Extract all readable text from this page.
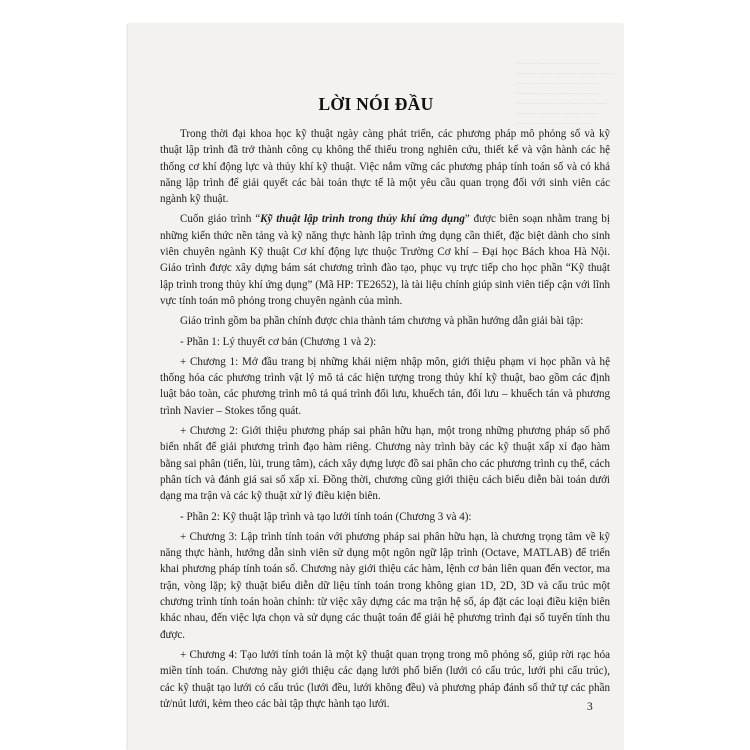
​——— ——— ——— ——
——— —— ——— ——— ——
—— ——— ——— ———
——— —— ——— ———
—— ——— —— ——— ——
——— ——— ——— ——
—— ——— ——— ——
LỜI NÓI ĐẦU

Trong thời đại khoa học kỹ thuật ngày càng phát triển, các phương pháp mô phỏng số và kỹ thuật lập trình đã trở thành công cụ không thể thiếu trong nghiên cứu, thiết kế và vận hành các hệ thống cơ khí động lực và thủy khí kỹ thuật. Việc nắm vững các phương pháp tính toán số và có khả năng lập trình để giải quyết các bài toán thực tế là một yêu cầu quan trọng đối với sinh viên các ngành kỹ thuật.

Cuốn giáo trình “Kỹ thuật lập trình trong thủy khí ứng dụng” được biên soạn nhằm trang bị những kiến thức nền tảng và kỹ năng thực hành lập trình ứng dụng cần thiết, đặc biệt dành cho sinh viên chuyên ngành Kỹ thuật Cơ khí động lực thuộc Trường Cơ khí – Đại học Bách khoa Hà Nội. Giáo trình được xây dựng bám sát chương trình đào tạo, phục vụ trực tiếp cho học phần “Kỹ thuật lập trình trong thủy khí ứng dụng” (Mã HP: TE2652), là tài liệu chính giúp sinh viên tiếp cận với lĩnh vực tính toán mô phỏng trong chuyên ngành của mình.

Giáo trình gồm ba phần chính được chia thành tám chương và phần hướng dẫn giải bài tập:

- Phần 1: Lý thuyết cơ bản (Chương 1 và 2):

+ Chương 1: Mở đầu trang bị những khái niệm nhập môn, giới thiệu phạm vi học phần và hệ thống hóa các phương trình vật lý mô tả các hiện tượng trong thủy khí kỹ thuật, bao gồm các định luật bảo toàn, các phương trình mô tả quá trình đối lưu, khuếch tán, đối lưu – khuếch tán và phương trình Navier – Stokes tổng quát.

+ Chương 2: Giới thiệu phương pháp sai phân hữu hạn, một trong những phương pháp số phổ biến nhất để giải phương trình đạo hàm riêng. Chương này trình bày các kỹ thuật xấp xỉ đạo hàm bằng sai phân (tiến, lùi, trung tâm), cách xây dựng lược đồ sai phân cho các phương trình cụ thể, cách phân tích và đánh giá sai số xấp xỉ. Đồng thời, chương cũng giới thiệu cách biểu diễn bài toán dưới dạng ma trận và các kỹ thuật xử lý điều kiện biên.

- Phần 2: Kỹ thuật lập trình và tạo lưới tính toán (Chương 3 và 4):

+ Chương 3: Lập trình tính toán với phương pháp sai phân hữu hạn, là chương trọng tâm về kỹ năng thực hành, hướng dẫn sinh viên sử dụng một ngôn ngữ lập trình (Octave, MATLAB) để triển khai phương pháp tính toán số. Chương này giới thiệu các hàm, lệnh cơ bản liên quan đến vector, ma trận, vòng lặp; kỹ thuật biểu diễn dữ liệu tính toán trong không gian 1D, 2D, 3D và cấu trúc một chương trình tính toán hoàn chỉnh: từ việc xây dựng các ma trận hệ số, áp đặt các loại điều kiện biên khác nhau, đến việc lựa chọn và sử dụng các thuật toán để giải hệ phương trình đại số tuyến tính thu được.

+ Chương 4: Tạo lưới tính toán là một kỹ thuật quan trọng trong mô phỏng số, giúp rời rạc hóa miền tính toán. Chương này giới thiệu các dạng lưới phổ biến (lưới có cấu trúc, lưới phi cấu trúc), các kỹ thuật tạo lưới có cấu trúc (lưới đều, lưới không đều) và phương pháp đánh số thứ tự các phần tử/nút lưới, kèm theo các bài tập thực hành tạo lưới.	3
